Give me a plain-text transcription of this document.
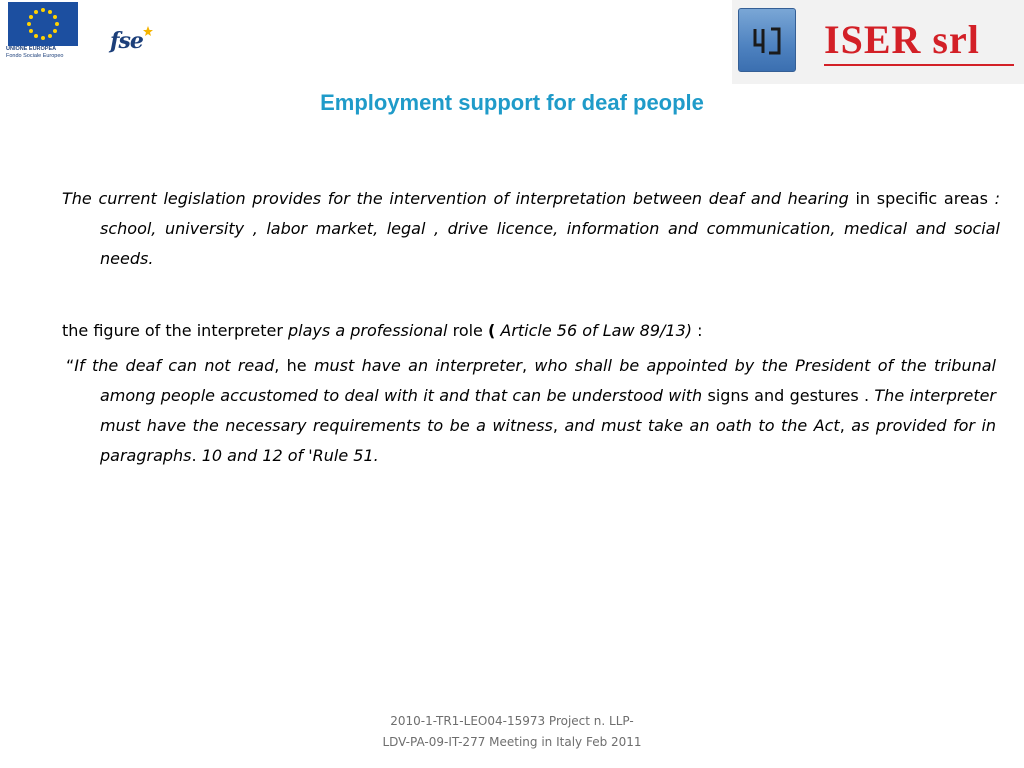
UNIONE EUROPEA
Fondo Sociale Europeo
fse	ISER srl
Employment support for deaf people

The current legislation provides for the intervention of interpretation between deaf and hearing in specific areas : school, university , labor market, legal , drive licence, information and communication, medical and social needs.

the figure of the interpreter plays a professional role ( Article 56 of Law 89/13) :

“If the deaf can not read, he must have an interpreter, who shall be appointed by the President of the tribunal among people accustomed to deal with it and that can be understood with signs and gestures . The interpreter must have the necessary requirements to be a witness, and must take an oath to the Act, as provided for in paragraphs. 10 and 12 of 'Rule 51.

2010-1-TR1-LEO04-15973 Project n. LLP-
LDV-PA-09-IT-277 Meeting in Italy Feb 2011
